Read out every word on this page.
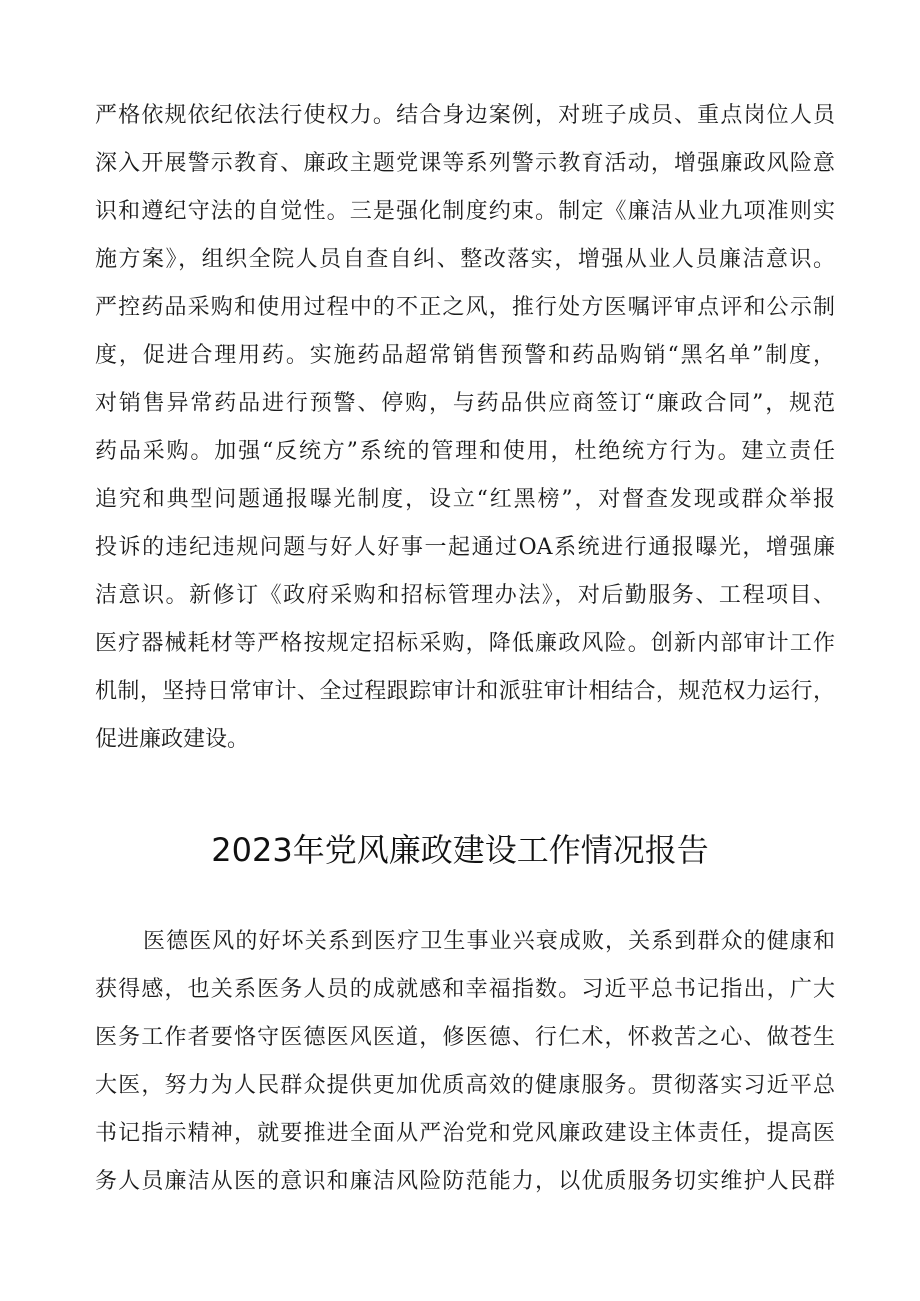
严格依规依纪依法行使权力。结合身边案例，对班子成员、重点岗位人员
深入开展警示教育、廉政主题党课等系列警示教育活动，增强廉政风险意
识和遵纪守法的自觉性。三是强化制度约束。制定《廉洁从业九项准则实
施方案》，组织全院人员自查自纠、整改落实，增强从业人员廉洁意识。
严控药品采购和使用过程中的不正之风，推行处方医嘱评审点评和公示制
度，促进合理用药。实施药品超常销售预警和药品购销“黑名单”制度，
对销售异常药品进行预警、停购，与药品供应商签订“廉政合同”，规范
药品采购。加强“反统方”系统的管理和使用，杜绝统方行为。建立责任
追究和典型问题通报曝光制度，设立“红黑榜”，对督查发现或群众举报
投诉的违纪违规问题与好人好事一起通过OA系统进行通报曝光，增强廉
洁意识。新修订《政府采购和招标管理办法》，对后勤服务、工程项目、
医疗器械耗材等严格按规定招标采购，降低廉政风险。创新内部审计工作
机制，坚持日常审计、全过程跟踪审计和派驻审计相结合，规范权力运行，
促进廉政建设。
2023年党风廉政建设工作情况报告
医德医风的好坏关系到医疗卫生事业兴衰成败，关系到群众的健康和
获得感，也关系医务人员的成就感和幸福指数。习近平总书记指出，广大
医务工作者要恪守医德医风医道，修医德、行仁术，怀救苦之心、做苍生
大医，努力为人民群众提供更加优质高效的健康服务。贯彻落实习近平总
书记指示精神，就要推进全面从严治党和党风廉政建设主体责任，提高医
务人员廉洁从医的意识和廉洁风险防范能力，以优质服务切实维护人民群
